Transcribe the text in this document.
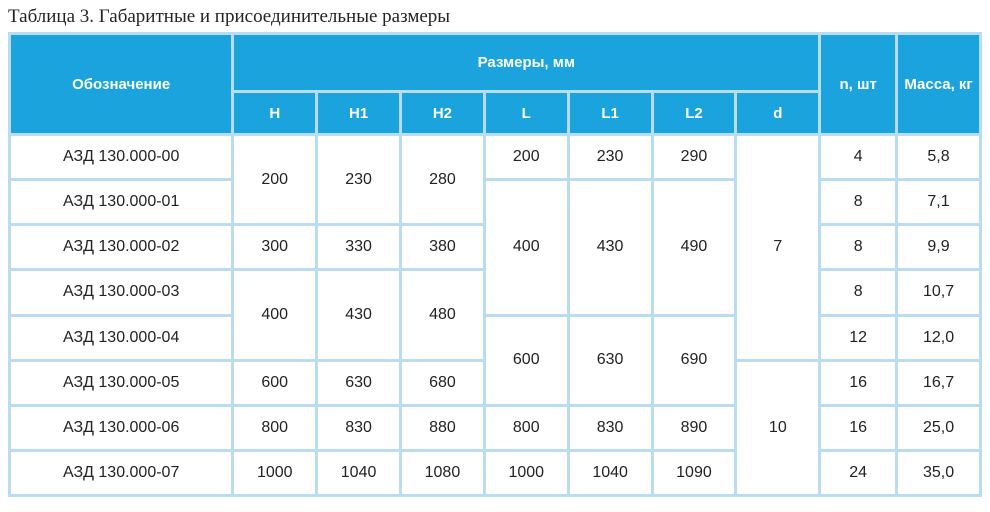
Таблица 3. Габаритные и присоединительные размеры
Обозначение	Размеры, мм							n, шт	Масса, кг
	H	H1	H2	L	L1	L2	d		
АЗД 130.000-00	200	230	280	200	230	290	7	4	5,8
АЗД 130.000-01				400	430	490		8	7,1
АЗД 130.000-02	300	330	380					8	9,9
АЗД 130.000-03	400	430	480					8	10,7
АЗД 130.000-04				600	630	690		12	12,0
АЗД 130.000-05	600	630	680				10	16	16,7
АЗД 130.000-06	800	830	880	800	830	890		16	25,0
АЗД 130.000-07	1000	1040	1080	1000	1040	1090		24	35,0
